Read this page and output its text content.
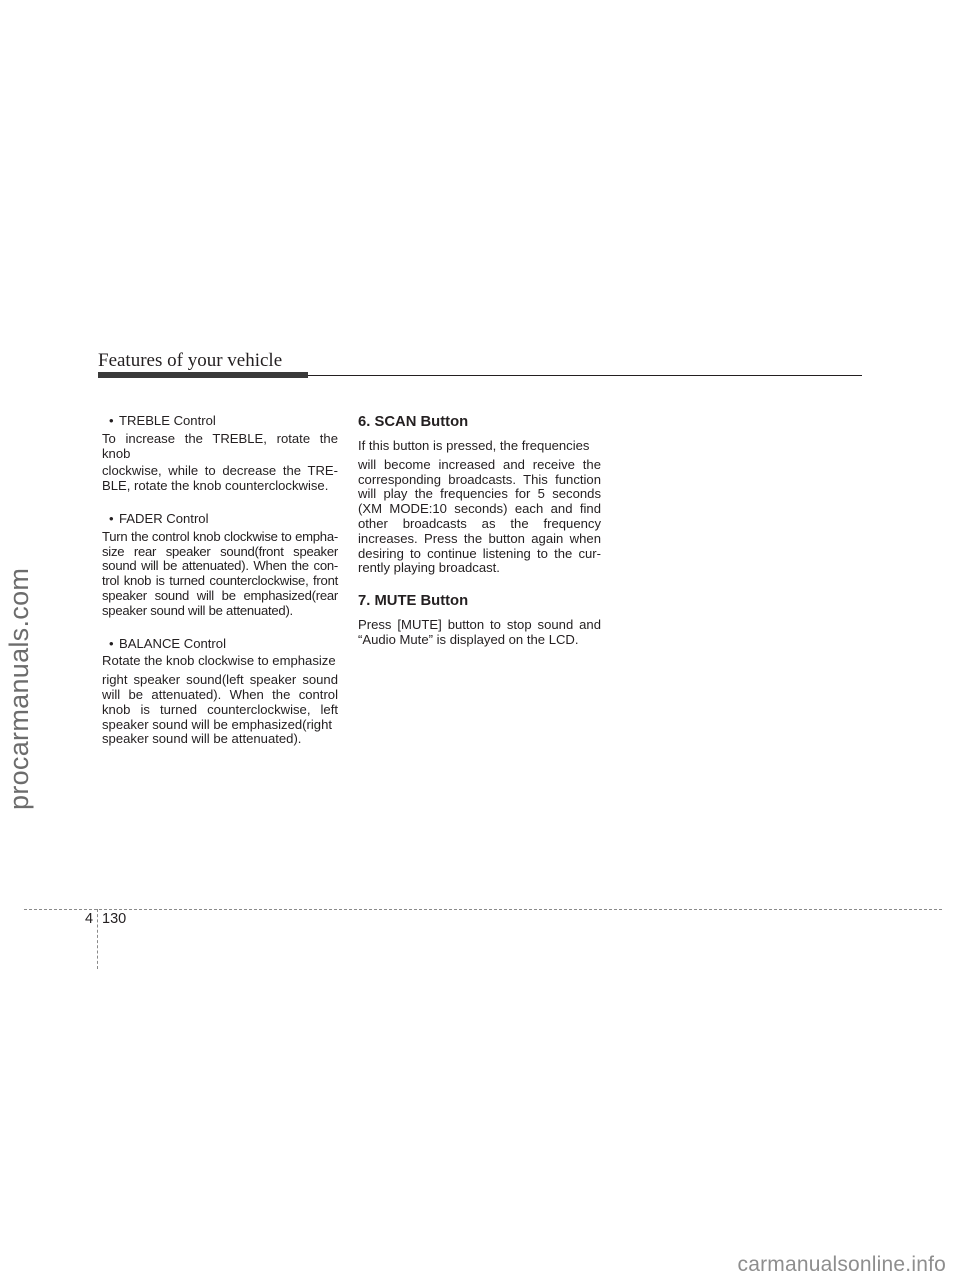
procarmanuals.com
Features of your vehicle
• TREBLE Control
To increase the TREBLE, rotate the knob
clockwise, while to decrease the TRE-
BLE, rotate the knob counterclockwise.
• FADER Control
Turn the control knob clockwise to empha-
size rear speaker sound(front speaker
sound will be attenuated). When the con-
trol knob is turned counterclockwise, front
speaker sound will be emphasized(rear
speaker sound will be attenuated).
• BALANCE Control
Rotate the knob clockwise to emphasize
right speaker sound(left speaker sound
will be attenuated). When the control
knob is turned counterclockwise, left
speaker sound will be emphasized(right
speaker sound will be attenuated).
6. SCAN Button
If this button is pressed, the frequencies
will become increased and receive the
corresponding broadcasts. This function
will play the frequencies for 5 seconds
(XM MODE:10 seconds) each and find
other broadcasts as the frequency
increases. Press the button again when
desiring to continue listening to the cur-
rently playing broadcast.
7. MUTE Button
Press [MUTE] button to stop sound and
“Audio Mute” is displayed on the LCD.
4 130
carmanualsonline.info
